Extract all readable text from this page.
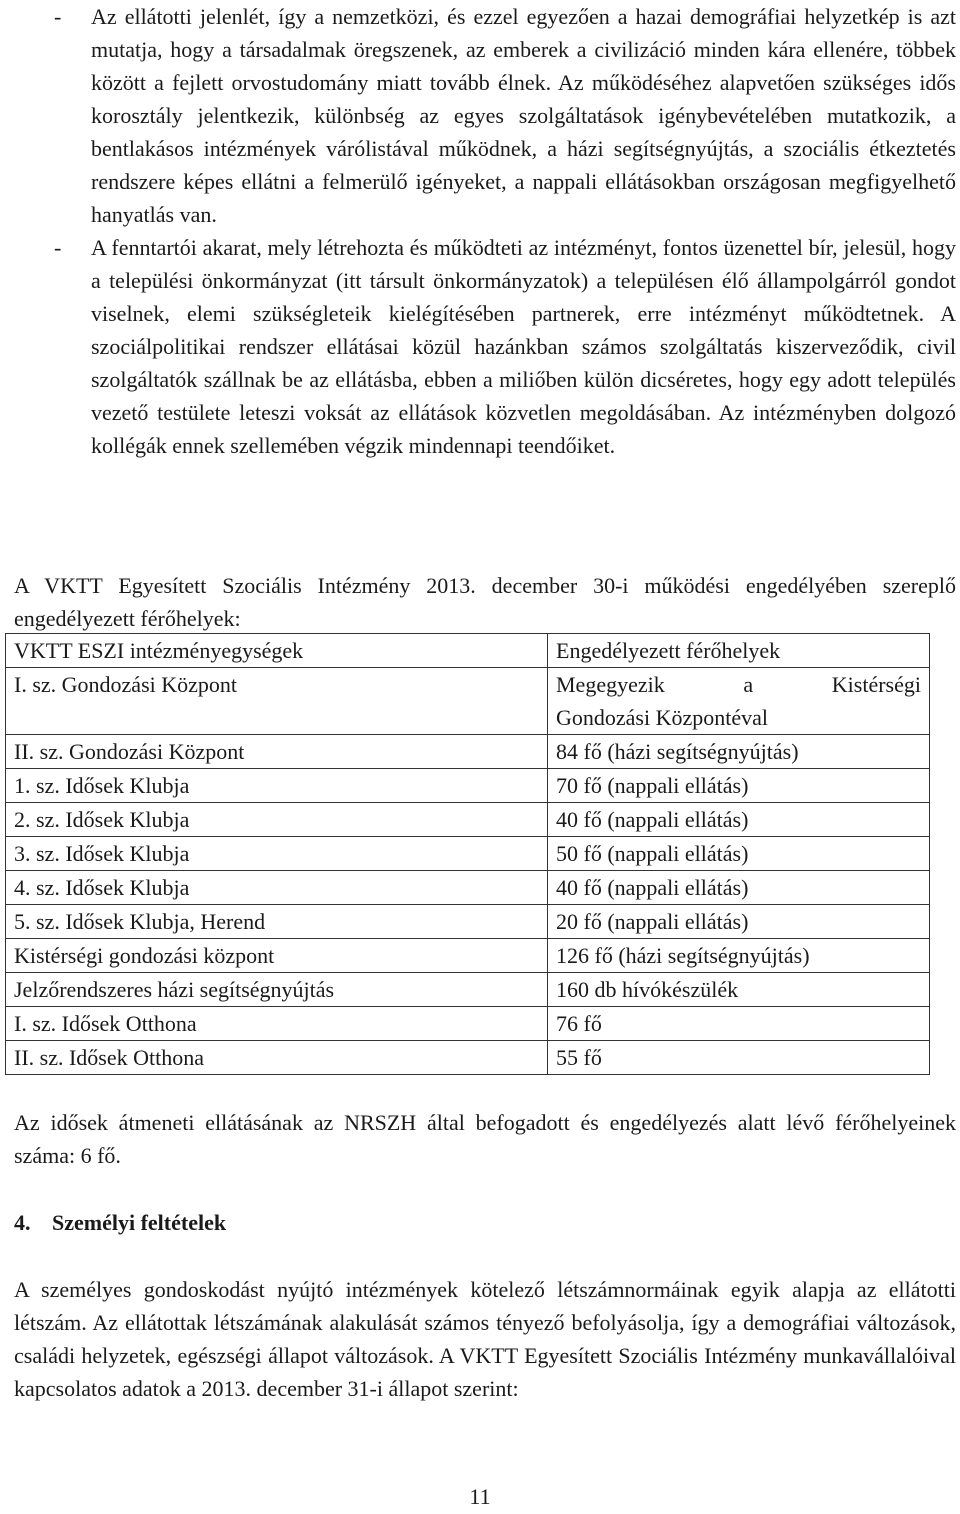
- Az ellátotti jelenlét, így a nemzetközi, és ezzel egyezően a hazai demográfiai helyzetkép is azt mutatja, hogy a társadalmak öregszenek, az emberek a civilizáció minden kára ellenére, többek között a fejlett orvostudomány miatt tovább élnek. Az működéséhez alapvetően szükséges idős korosztály jelentkezik, különbség az egyes szolgáltatások igénybevételében mutatkozik, a bentlakásos intézmények várólistával működnek, a házi segítségnyújtás, a szociális étkeztetés rendszere képes ellátni a felmerülő igényeket, a nappali ellátásokban országosan megfigyelhető hanyatlás van.
- A fenntartói akarat, mely létrehozta és működteti az intézményt, fontos üzenettel bír, jelesül, hogy a települési önkormányzat (itt társult önkormányzatok) a településen élő állampolgárról gondot viselnek, elemi szükségleteik kielégítésében partnerek, erre intézményt működtetnek. A szociálpolitikai rendszer ellátásai közül hazánkban számos szolgáltatás kiszerveződik, civil szolgáltatók szállnak be az ellátásba, ebben a miliőben külön dicséretes, hogy egy adott település vezető testülete leteszi voksát az ellátások közvetlen megoldásában. Az intézményben dolgozó kollégák ennek szellemében végzik mindennapi teendőiket.
A VKTT Egyesített Szociális Intézmény 2013. december 30-i működési engedélyében szereplő engedélyezett férőhelyek:
VKTT ESZI intézményegységek	Engedélyezett férőhelyek
I. sz. Gondozási Központ	Megegyezik a Kistérségi
Gondozási Központéval
II. sz. Gondozási Központ	84 fő (házi segítségnyújtás)
1. sz. Idősek Klubja	70 fő (nappali ellátás)
2. sz. Idősek Klubja	40 fő (nappali ellátás)
3. sz. Idősek Klubja	50 fő (nappali ellátás)
4. sz. Idősek Klubja	40 fő (nappali ellátás)
5. sz. Idősek Klubja, Herend	20 fő (nappali ellátás)
Kistérségi gondozási központ	126 fő (házi segítségnyújtás)
Jelzőrendszeres házi segítségnyújtás	160 db hívókészülék
I. sz. Idősek Otthona	76 fő
II. sz. Idősek Otthona	55 fő
Az idősek átmeneti ellátásának az NRSZH által befogadott és engedélyezés alatt lévő férőhelyeinek száma: 6 fő.
4. Személyi feltételek
A személyes gondoskodást nyújtó intézmények kötelező létszámnormáinak egyik alapja az ellátotti létszám. Az ellátottak létszámának alakulását számos tényező befolyásolja, így a demográfiai változások, családi helyzetek, egészségi állapot változások. A VKTT Egyesített Szociális Intézmény munkavállalóival kapcsolatos adatok a 2013. december 31-i állapot szerint:
11
